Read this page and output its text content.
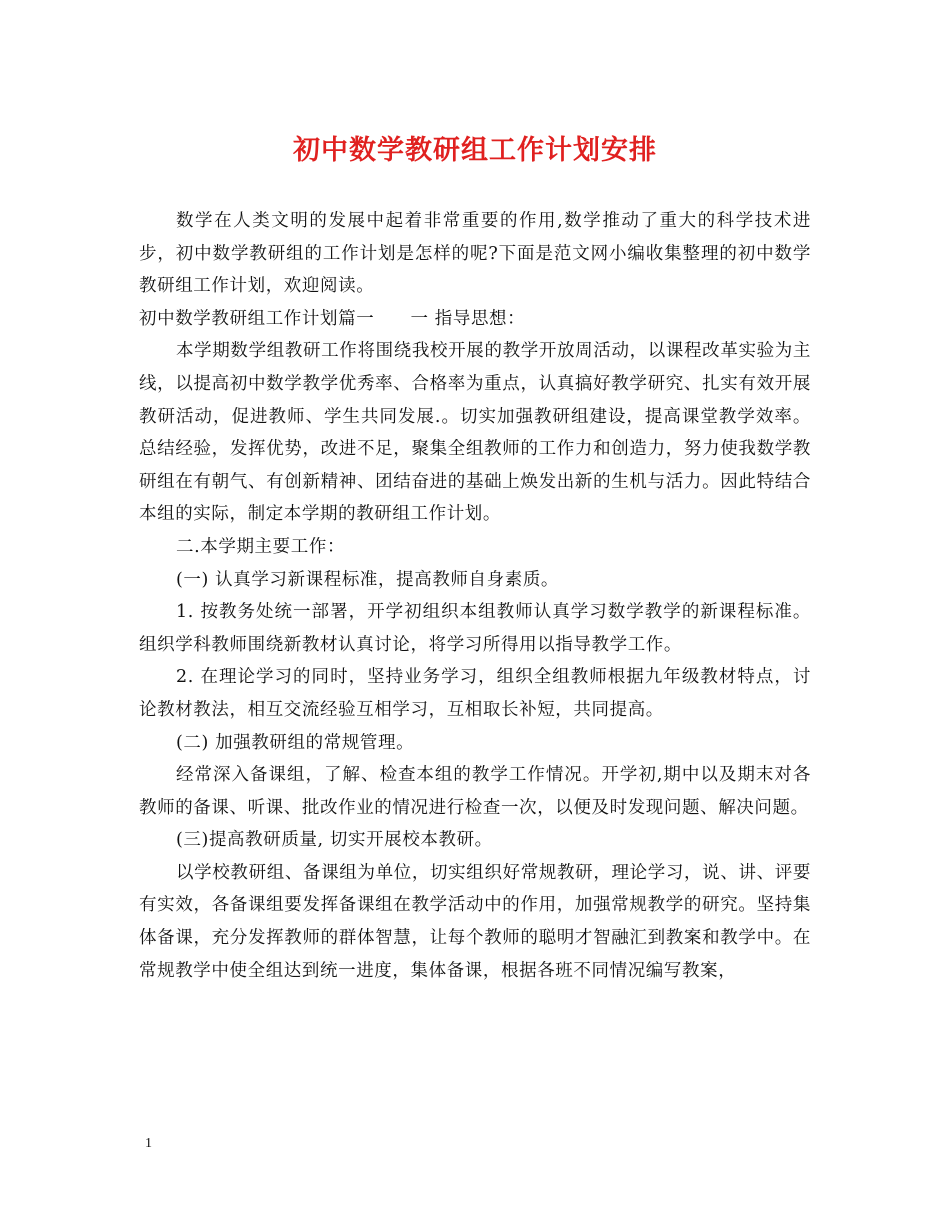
初中数学教研组工作计划安排

数学在人类文明的发展中起着非常重要的作用,数学推动了重大的科学技术进步，初中数学教研组的工作计划是怎样的呢?下面是范文网小编收集整理的初中数学教研组工作计划，欢迎阅读。

初中数学教研组工作计划篇一　　一 指导思想：

本学期数学组教研工作将围绕我校开展的教学开放周活动，以课程改革实验为主线，以提高初中数学教学优秀率、合格率为重点，认真搞好教学研究、扎实有效开展教研活动，促进教师、学生共同发展.。切实加强教研组建设，提高课堂教学效率。总结经验，发挥优势，改进不足，聚集全组教师的工作力和创造力，努力使我数学教研组在有朝气、有创新精神、团结奋进的基础上焕发出新的生机与活力。因此特结合本组的实际，制定本学期的教研组工作计划。

二.本学期主要工作：

(一) 认真学习新课程标准，提高教师自身素质。

1. 按教务处统一部署，开学初组织本组教师认真学习数学教学的新课程标准。组织学科教师围绕新教材认真讨论，将学习所得用以指导教学工作。

2. 在理论学习的同时，坚持业务学习，组织全组教师根据九年级教材特点，讨论教材教法，相互交流经验互相学习，互相取长补短，共同提高。

(二) 加强教研组的常规管理。

经常深入备课组，了解、检查本组的教学工作情况。开学初,期中以及期末对各教师的备课、听课、批改作业的情况进行检查一次，以便及时发现问题、解决问题。

(三)提高教研质量, 切实开展校本教研。

以学校教研组、备课组为单位，切实组织好常规教研，理论学习，说、讲、评要有实效，各备课组要发挥备课组在教学活动中的作用，加强常规教学的研究。坚持集体备课，充分发挥教师的群体智慧，让每个教师的聪明才智融汇到教案和教学中。在常规教学中使全组达到统一进度，集体备课，根据各班不同情况编写教案，

1
